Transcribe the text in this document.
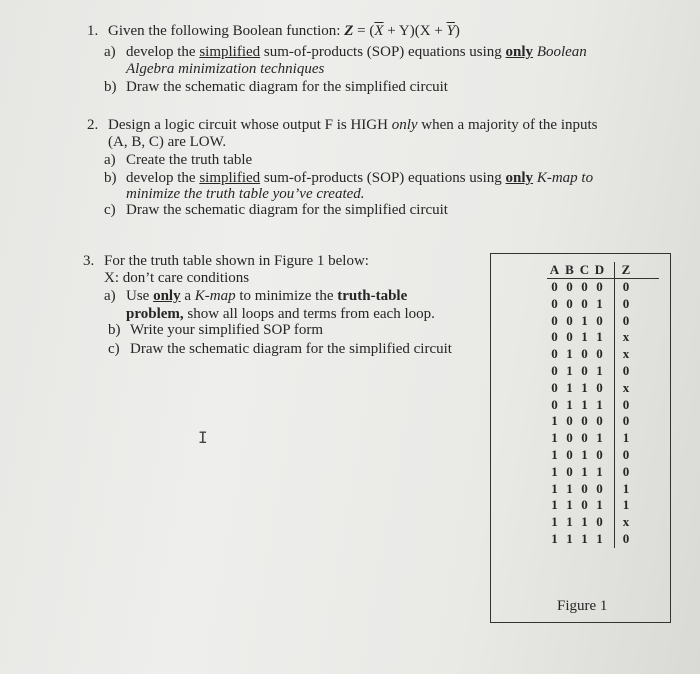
1. Given the following Boolean function: $Z = (\overline{X} + Y)(X + \overline{Y})$
a) develop the simplified sum-of-products (SOP) equations using only Boolean
Algebra minimization techniques
b) Draw the schematic diagram for the simplified circuit
2. Design a logic circuit whose output F is HIGH only when a majority of the inputs
(A, B, C) are LOW.
a) Create the truth table
b) develop the simplified sum-of-products (SOP) equations using only K-map to
minimize the truth table you’ve created.
c) Draw the schematic diagram for the simplified circuit
3. For the truth table shown in Figure 1 below:
X: don’t care conditions
a) Use only a K-map to minimize the truth-table
problem, show all loops and terms from each loop.
b) Write your simplified SOP form
c) Draw the schematic diagram for the simplified circuit
I
A B C D	Z
0 0 0 0	0
0 0 0 1	0
0 0 1 0	0
0 0 1 1	x
0 1 0 0	x
0 1 0 1	0
0 1 1 0	x
0 1 1 1	0
1 0 0 0	0
1 0 0 1	1
1 0 1 0	0
1 0 1 1	0
1 1 0 0	1
1 1 0 1	1
1 1 1 0	x
1 1 1 1	0
Figure 1
